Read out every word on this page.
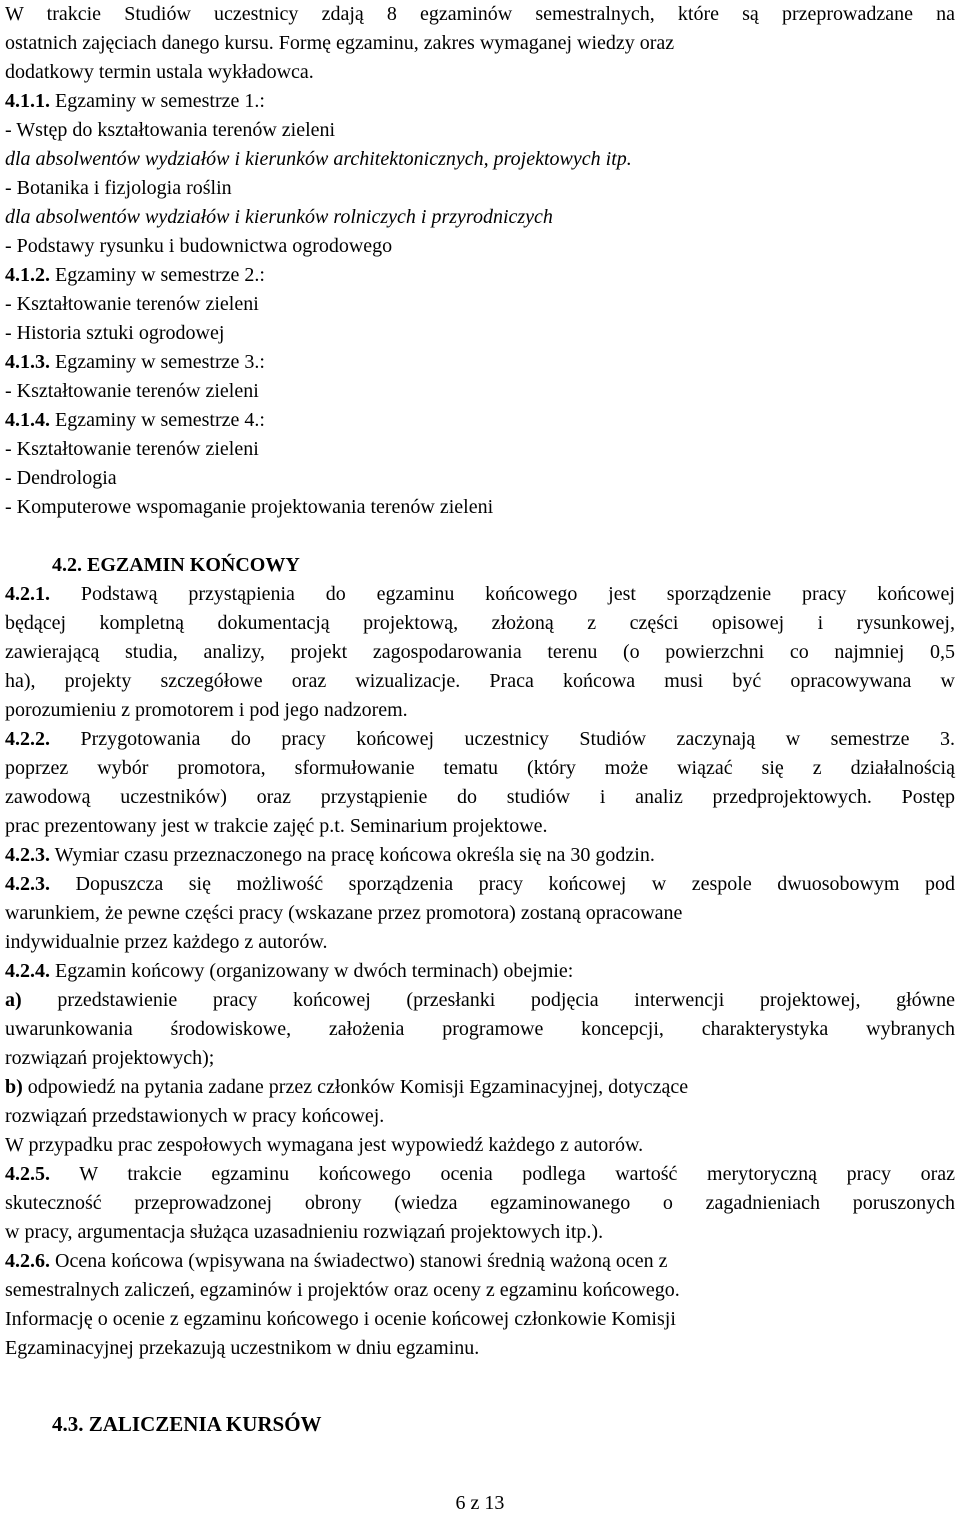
W trakcie Studiów uczestnicy zdają 8 egzaminów semestralnych, które są przeprowadzane na
ostatnich zajęciach danego kursu. Formę egzaminu, zakres wymaganej wiedzy oraz
dodatkowy termin ustala wykładowca.
4.1.1. Egzaminy w semestrze 1.:
- Wstęp do kształtowania terenów zieleni
dla absolwentów wydziałów i kierunków architektonicznych, projektowych itp.
- Botanika i fizjologia roślin
dla absolwentów wydziałów i kierunków rolniczych i przyrodniczych
- Podstawy rysunku i budownictwa ogrodowego
4.1.2. Egzaminy w semestrze 2.:
- Kształtowanie terenów zieleni
- Historia sztuki ogrodowej
4.1.3. Egzaminy w semestrze 3.:
- Kształtowanie terenów zieleni
4.1.4. Egzaminy w semestrze 4.:
- Kształtowanie terenów zieleni
- Dendrologia
- Komputerowe wspomaganie projektowania terenów zieleni
4.2. EGZAMIN KOŃCOWY
4.2.1. Podstawą przystąpienia do egzaminu końcowego jest sporządzenie pracy końcowej
będącej kompletną dokumentacją projektową, złożoną z części opisowej i rysunkowej,
zawierającą studia, analizy, projekt zagospodarowania terenu (o powierzchni co najmniej 0,5
ha), projekty szczegółowe oraz wizualizacje. Praca końcowa musi być opracowywana w
porozumieniu z promotorem i pod jego nadzorem.
4.2.2. Przygotowania do pracy końcowej uczestnicy Studiów zaczynają w semestrze 3.
poprzez wybór promotora, sformułowanie tematu (który może wiązać się z działalnością
zawodową uczestników) oraz przystąpienie do studiów i analiz przedprojektowych. Postęp
prac prezentowany jest w trakcie zajęć p.t. Seminarium projektowe.
4.2.3. Wymiar czasu przeznaczonego na pracę końcowa określa się na 30 godzin.
4.2.3. Dopuszcza się możliwość sporządzenia pracy końcowej w zespole dwuosobowym pod
warunkiem, że pewne części pracy (wskazane przez promotora) zostaną opracowane
indywidualnie przez każdego z autorów.
4.2.4. Egzamin końcowy (organizowany w dwóch terminach) obejmie:
a) przedstawienie pracy końcowej (przesłanki podjęcia interwencji projektowej, główne
uwarunkowania środowiskowe, założenia programowe koncepcji, charakterystyka wybranych
rozwiązań projektowych);
b) odpowiedź na pytania zadane przez członków Komisji Egzaminacyjnej, dotyczące
rozwiązań przedstawionych w pracy końcowej.
W przypadku prac zespołowych wymagana jest wypowiedź każdego z autorów.
4.2.5. W trakcie egzaminu końcowego ocenia podlega wartość merytoryczną pracy oraz
skuteczność przeprowadzonej obrony (wiedza egzaminowanego o zagadnieniach poruszonych
w pracy, argumentacja służąca uzasadnieniu rozwiązań projektowych itp.).
4.2.6. Ocena końcowa (wpisywana na świadectwo) stanowi średnią ważoną ocen z
semestralnych zaliczeń, egzaminów i projektów oraz oceny z egzaminu końcowego.
Informację o ocenie z egzaminu końcowego i ocenie końcowej członkowie Komisji
Egzaminacyjnej przekazują uczestnikom w dniu egzaminu.
4.3. ZALICZENIA KURSÓW
6 z 13
